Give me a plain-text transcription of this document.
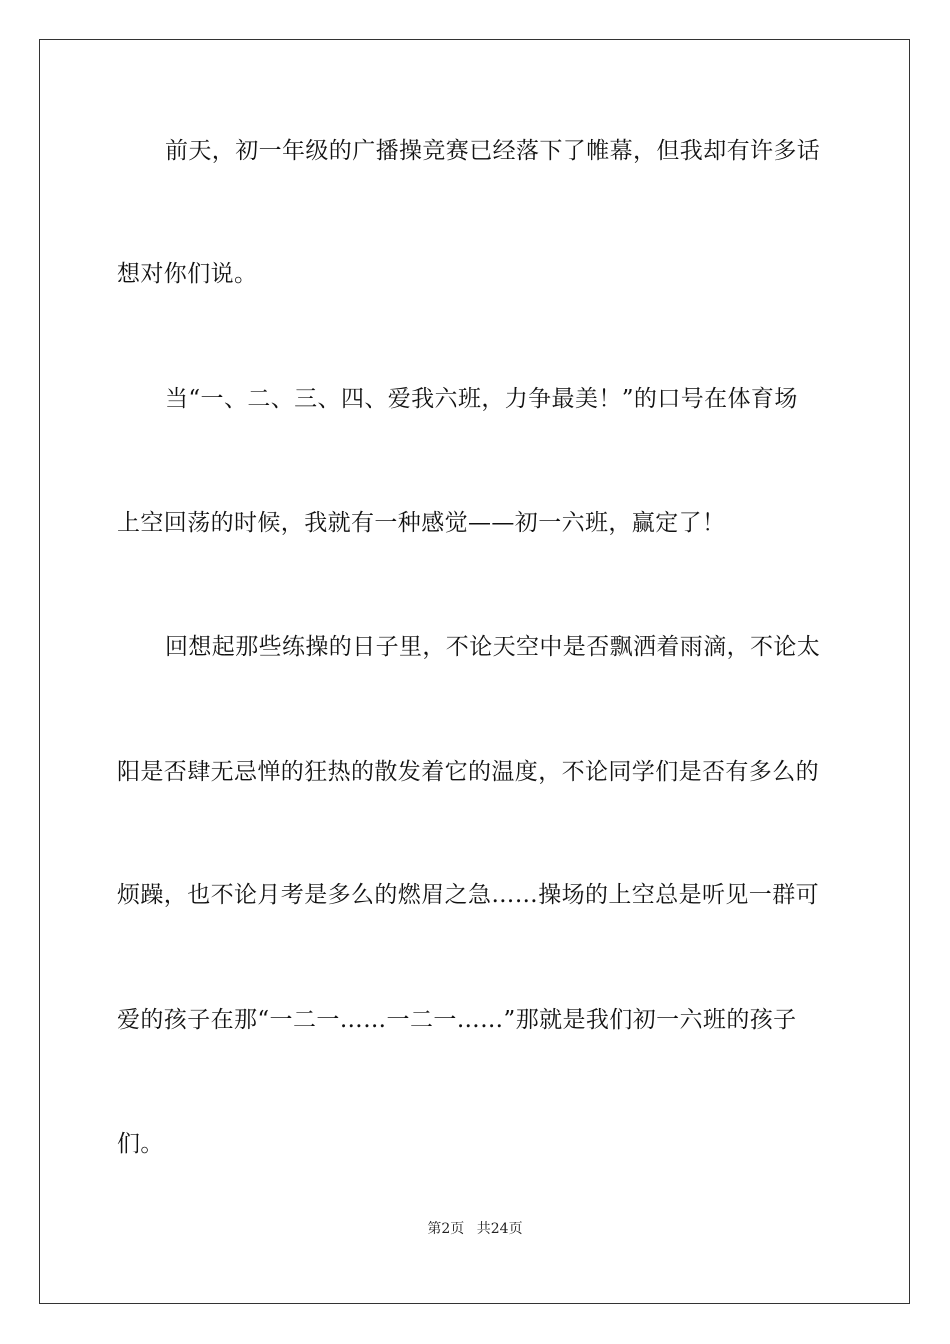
前天，初一年级的广播操竞赛已经落下了帷幕，但我却有许多话
想对你们说。
当“一、二、三、四、爱我六班，力争最美！”的口号在体育场
上空回荡的时候，我就有一种感觉——初一六班，赢定了！
回想起那些练操的日子里，不论天空中是否飘洒着雨滴，不论太
阳是否肆无忌惮的狂热的散发着它的温度，不论同学们是否有多么的
烦躁，也不论月考是多么的燃眉之急……操场的上空总是听见一群可
爱的孩子在那“一二一……一二一……”那就是我们初一六班的孩子
们。
第2页 共24页
